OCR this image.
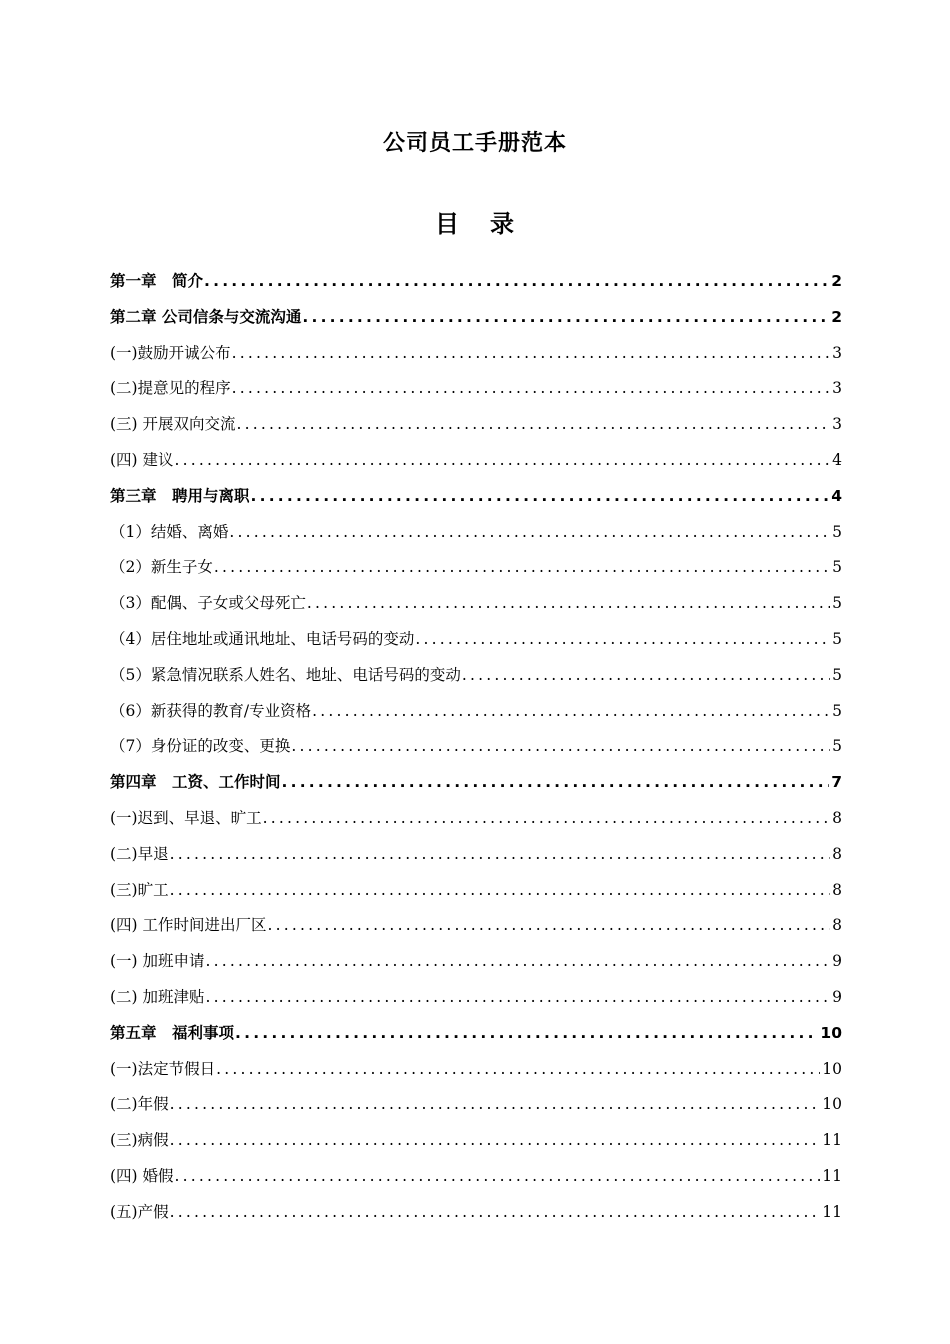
公司员工手册范本
目 录
第一章　简介 .....	2
第二章 公司信条与交流沟通 .....	2
(一)鼓励开诚公布 .....	3
(二)提意见的程序 .....	3
(三) 开展双向交流 .....	3
(四) 建议 .....	4
第三章　聘用与离职 .....	4
（1）结婚、离婚 .....	5
（2）新生子女 .....	5
（3）配偶、子女或父母死亡 .....	5
（4）居住地址或通讯地址、电话号码的变动 .....	5
（5）紧急情况联系人姓名、地址、电话号码的变动 .....	5
（6）新获得的教育/专业资格 .....	5
（7）身份证的改变、更换 .....	5
第四章　工资、工作时间 .....	7
(一)迟到、早退、旷工 .....	8
(二)早退 .....	8
(三)旷工 .....	8
(四) 工作时间进出厂区 .....	8
(一) 加班申请 .....	9
(二) 加班津贴 .....	9
第五章　福利事项 .....	10
(一)法定节假日 .....	10
(二)年假 .....	10
(三)病假 .....	11
(四) 婚假 .....	11
(五)产假 .....	11
